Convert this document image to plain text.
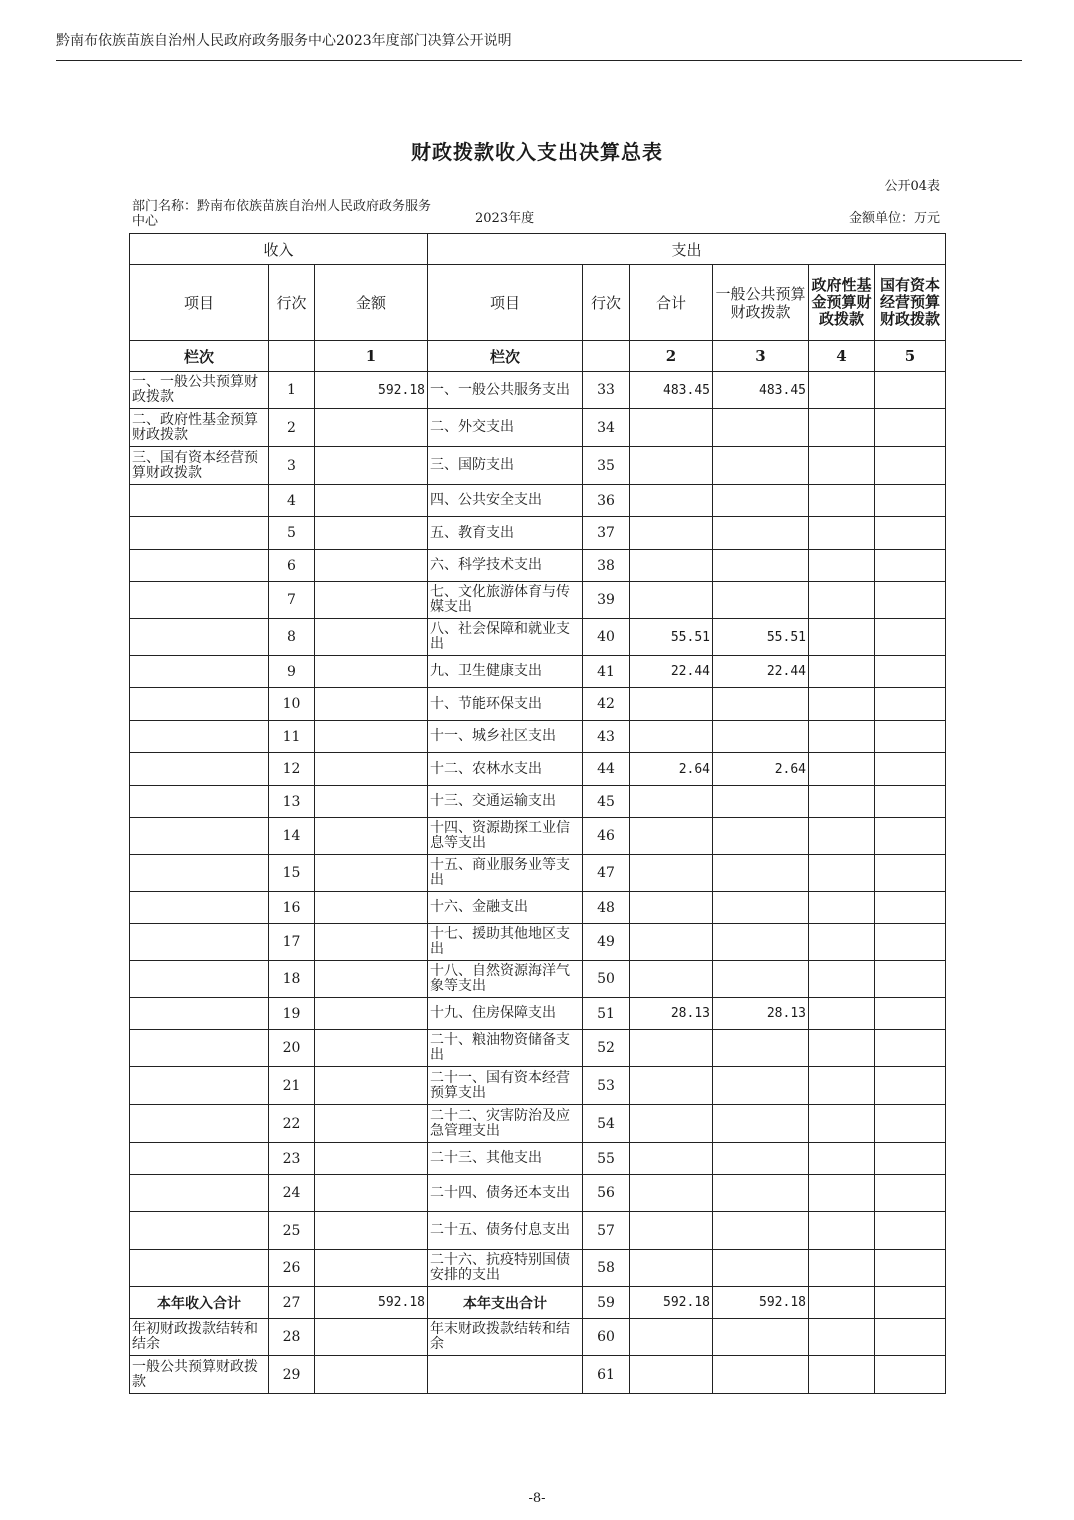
黔南布依族苗族自治州人民政府政务服务中心2023年度部门决算公开说明
财政拨款收入支出决算总表
公开04表
部门名称：黔南布依族苗族自治州人民政府政务服务中心	2023年度	金额单位：万元
收入			支出					
项目	行次	金额	项目	行次	合计	一般公共预算财政拨款	政府性基金预算财政拨款	国有资本经营预算财政拨款
栏次		1	栏次		2	3	4	5
一、一般公共预算财政拨款	1	592.18	一、一般公共服务支出	33	483.45	483.45		
二、政府性基金预算财政拨款	2		二、外交支出	34				
三、国有资本经营预算财政拨款	3		三、国防支出	35				
	4		四、公共安全支出	36				
	5		五、教育支出	37				
	6		六、科学技术支出	38				
	7		七、文化旅游体育与传媒支出	39				
	8		八、社会保障和就业支出	40	55.51	55.51		
	9		九、卫生健康支出	41	22.44	22.44		
	10		十、节能环保支出	42				
	11		十一、城乡社区支出	43				
	12		十二、农林水支出	44	2.64	2.64		
	13		十三、交通运输支出	45				
	14		十四、资源勘探工业信息等支出	46				
	15		十五、商业服务业等支出	47				
	16		十六、金融支出	48				
	17		十七、援助其他地区支出	49				
	18		十八、自然资源海洋气象等支出	50				
	19		十九、住房保障支出	51	28.13	28.13		
	20		二十、粮油物资储备支出	52				
	21		二十一、国有资本经营预算支出	53				
	22		二十二、灾害防治及应急管理支出	54				
	23		二十三、其他支出	55				
	24		二十四、债务还本支出	56				
	25		二十五、债务付息支出	57				
	26		二十六、抗疫特别国债安排的支出	58				
本年收入合计	27	592.18	本年支出合计	59	592.18	592.18		
年初财政拨款结转和结余	28		年末财政拨款结转和结余	60				
一般公共预算财政拨款	29			61				
-8-
